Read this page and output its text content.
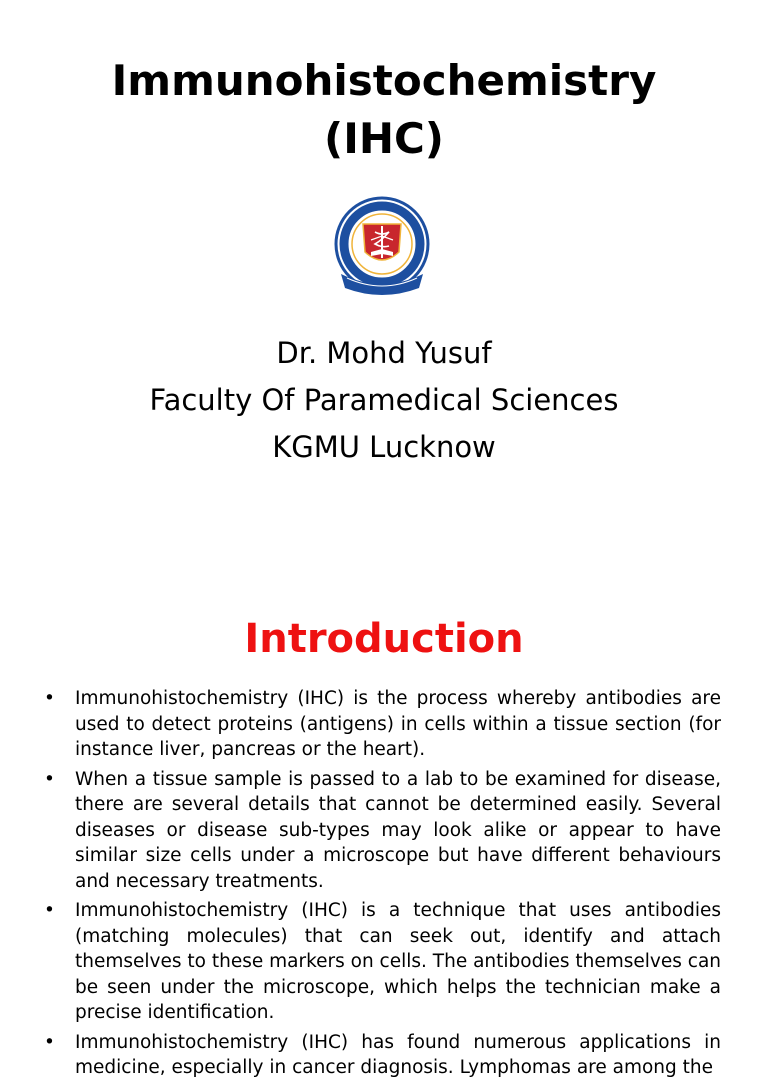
Immunohistochemistry
(IHC)
Dr. Mohd Yusuf
Faculty Of Paramedical Sciences
KGMU Lucknow
Introduction
• Immunohistochemistry (IHC) is the process whereby antibodies are used to detect proteins (antigens) in cells within a tissue section (for instance liver, pancreas or the heart).
• When a tissue sample is passed to a lab to be examined for disease, there are several details that cannot be determined easily. Several diseases or disease sub-types may look alike or appear to have similar size cells under a microscope but have different behaviours and necessary treatments.
• Immunohistochemistry (IHC) is a technique that uses antibodies (matching molecules) that can seek out, identify and attach themselves to these markers on cells. The antibodies themselves can be seen under the microscope, which helps the technician make a precise identification.
• Immunohistochemistry (IHC) has found numerous applications in medicine, especially in cancer diagnosis. Lymphomas are among the
